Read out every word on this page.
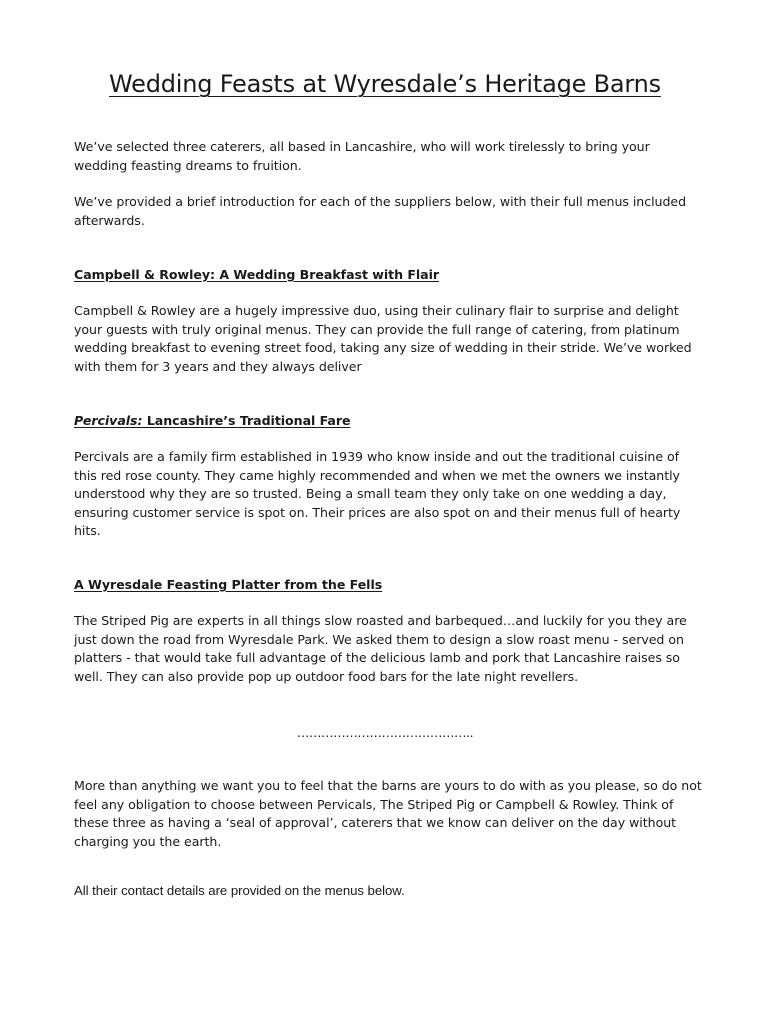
Wedding Feasts at Wyresdale’s Heritage Barns

We’ve selected three caterers, all based in Lancashire, who will work tirelessly to bring your wedding feasting dreams to fruition.

We’ve provided a brief introduction for each of the suppliers below, with their full menus included afterwards.

Campbell & Rowley: A Wedding Breakfast with Flair

Campbell & Rowley are a hugely impressive duo, using their culinary flair to surprise and delight your guests with truly original menus. They can provide the full range of catering, from platinum wedding breakfast to evening street food, taking any size of wedding in their stride. We’ve worked with them for 3 years and they always deliver

Percivals: Lancashire’s Traditional Fare

Percivals are a family firm established in 1939 who know inside and out the traditional cuisine of this red rose county. They came highly recommended and when we met the owners we instantly understood why they are so trusted. Being a small team they only take on one wedding a day, ensuring customer service is spot on. Their prices are also spot on and their menus full of hearty hits.

A Wyresdale Feasting Platter from the Fells

The Striped Pig are experts in all things slow roasted and barbequed…and luckily for you they are just down the road from Wyresdale Park. We asked them to design a slow roast menu - served on platters - that would take full advantage of the delicious lamb and pork that Lancashire raises so well. They can also provide pop up outdoor food bars for the late night revellers.

……………………………………..

More than anything we want you to feel that the barns are yours to do with as you please, so do not feel any obligation to choose between Pervicals, The Striped Pig or Campbell & Rowley. Think of these three as having a ‘seal of approval’, caterers that we know can deliver on the day without charging you the earth.

All their contact details are provided on the menus below.
